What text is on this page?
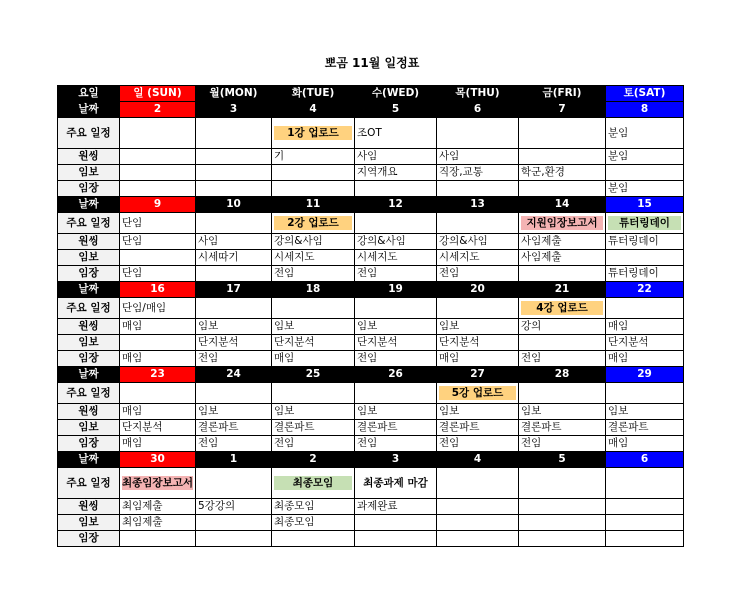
뽀곰 11월 일정표
요일	일 (SUN)	월(MON)	화(TUE)	수(WED)	목(THU)	금(FRI)	토(SAT)
날짜	2	3	4	5	6	7	8
주요 일정			1강 업로드	조OT			분임
원씽			기	사임	사임		분임
임보				지역개요	직장,교통	학군,환경	
임장							분임
날짜	9	10	11	12	13	14	15
주요 일정	단임		2강 업로드			지원임장보고서	튜터링데이

원씽	단임	사임	강의&사임	강의&사임	강의&사임	사임제출	튜터링데이
임보		시세따기	시세지도	시세지도	시세지도	사임제출	
임장	단임		전임	전임	전임		튜터링데이
날짜	16	17	18	19	20	21	22
주요 일정	단임/매임					4강 업로드	

원씽	매임	임보	임보	임보	임보	강의	매임
임보		단지분석	단지분석	단지분석	단지분석		단지분석
임장	매임	전임	매임	전임	매임	전임	매임
날짜	23	24	25	26	27	28	29
주요 일정					5강 업로드		

원씽	매임	임보	임보	임보	임보	임보	임보
임보	단지분석	결론파트	결론파트	결론파트	결론파트	결론파트	결론파트
임장	매임	전임	전임	전임	전임	전임	매임
날짜	30	1	2	3	4	5	6
주요 일정	최종임장보고서		최종모임	최종과제 마감			

원씽	최임제출	5강강의	최종모임	과제완료			
임보	최임제출		최종모임				
임장							
